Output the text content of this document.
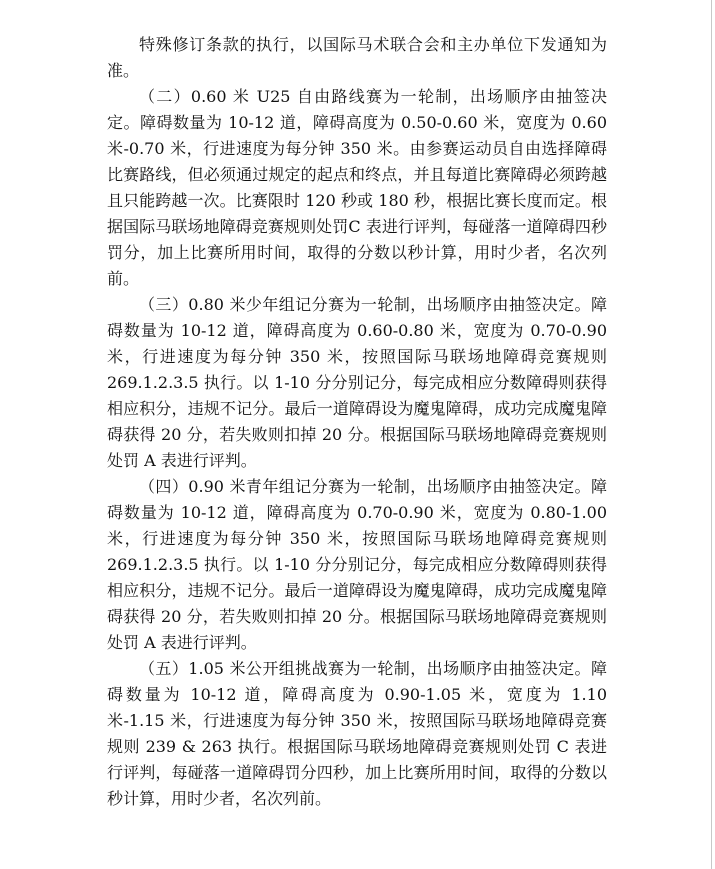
特殊修订条款的执行，以国际马术联合会和主办单位下发通知为准。

（二）0.60 米 U25 自由路线赛为一轮制，出场顺序由抽签决定。障碍数量为 10-12 道，障碍高度为 0.50-0.60 米，宽度为 0.60 米-0.70 米，行进速度为每分钟 350 米。由参赛运动员自由选择障碍比赛路线，但必须通过规定的起点和终点，并且每道比赛障碍必须跨越且只能跨越一次。比赛限时 120 秒或 180 秒，根据比赛长度而定。根据国际马联场地障碍竞赛规则处罚C 表进行评判，每碰落一道障碍四秒罚分，加上比赛所用时间，取得的分数以秒计算，用时少者，名次列前。

（三）0.80 米少年组记分赛为一轮制，出场顺序由抽签决定。障碍数量为 10-12 道，障碍高度为 0.60-0.80 米，宽度为 0.70-0.90 米，行进速度为每分钟 350 米，按照国际马联场地障碍竞赛规则 269.1.2.3.5 执行。以 1-10 分分别记分，每完成相应分数障碍则获得相应积分，违规不记分。最后一道障碍设为魔鬼障碍，成功完成魔鬼障碍获得 20 分，若失败则扣掉 20 分。根据国际马联场地障碍竞赛规则处罚 A 表进行评判。

（四）0.90 米青年组记分赛为一轮制，出场顺序由抽签决定。障碍数量为 10-12 道，障碍高度为 0.70-0.90 米，宽度为 0.80-1.00 米，行进速度为每分钟 350 米，按照国际马联场地障碍竞赛规则 269.1.2.3.5 执行。以 1-10 分分别记分，每完成相应分数障碍则获得相应积分，违规不记分。最后一道障碍设为魔鬼障碍，成功完成魔鬼障碍获得 20 分，若失败则扣掉 20 分。根据国际马联场地障碍竞赛规则处罚 A 表进行评判。

（五）1.05 米公开组挑战赛为一轮制，出场顺序由抽签决定。障碍数量为 10-12 道，障碍高度为 0.90-1.05 米，宽度为 1.10 米-1.15 米，行进速度为每分钟 350 米，按照国际马联场地障碍竞赛规则 239 & 263 执行。根据国际马联场地障碍竞赛规则处罚 C 表进行评判，每碰落一道障碍罚分四秒，加上比赛所用时间，取得的分数以秒计算，用时少者，名次列前。
